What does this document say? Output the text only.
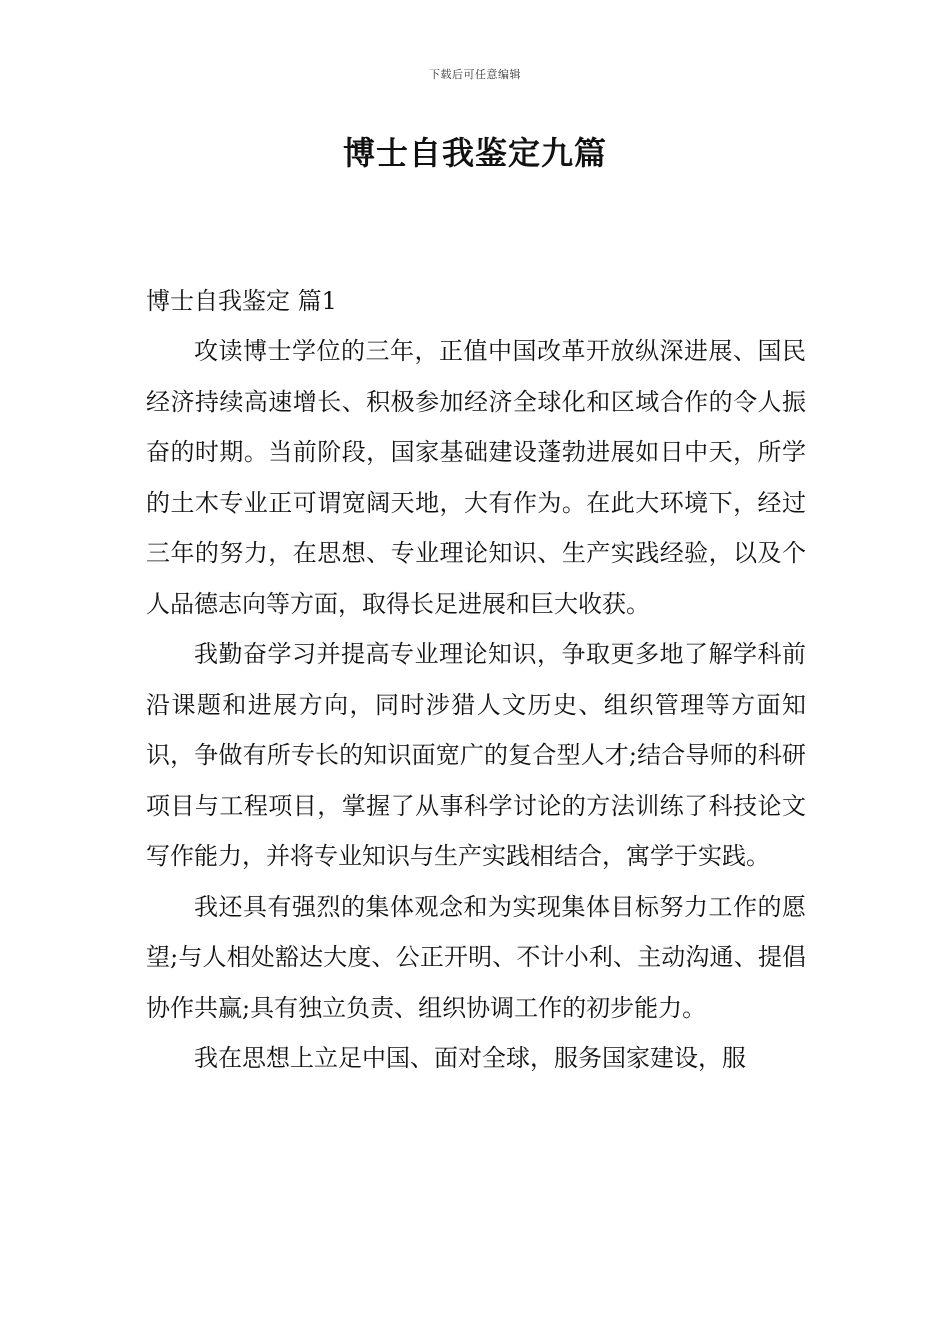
下载后可任意编辑
博士自我鉴定九篇

博士自我鉴定 篇1

攻读博士学位的三年，正值中国改革开放纵深进展、国民经济持续高速增长、积极参加经济全球化和区域合作的令人振奋的时期。当前阶段，国家基础建设蓬勃进展如日中天，所学的土木专业正可谓宽阔天地，大有作为。在此大环境下，经过三年的努力，在思想、专业理论知识、生产实践经验，以及个人品德志向等方面，取得长足进展和巨大收获。

我勤奋学习并提高专业理论知识，争取更多地了解学科前沿课题和进展方向，同时涉猎人文历史、组织管理等方面知识，争做有所专长的知识面宽广的复合型人才;结合导师的科研项目与工程项目，掌握了从事科学讨论的方法训练了科技论文写作能力，并将专业知识与生产实践相结合，寓学于实践。

我还具有强烈的集体观念和为实现集体目标努力工作的愿望;与人相处豁达大度、公正开明、不计小利、主动沟通、提倡协作共赢;具有独立负责、组织协调工作的初步能力。

我在思想上立足中国、面对全球，服务国家建设，服
